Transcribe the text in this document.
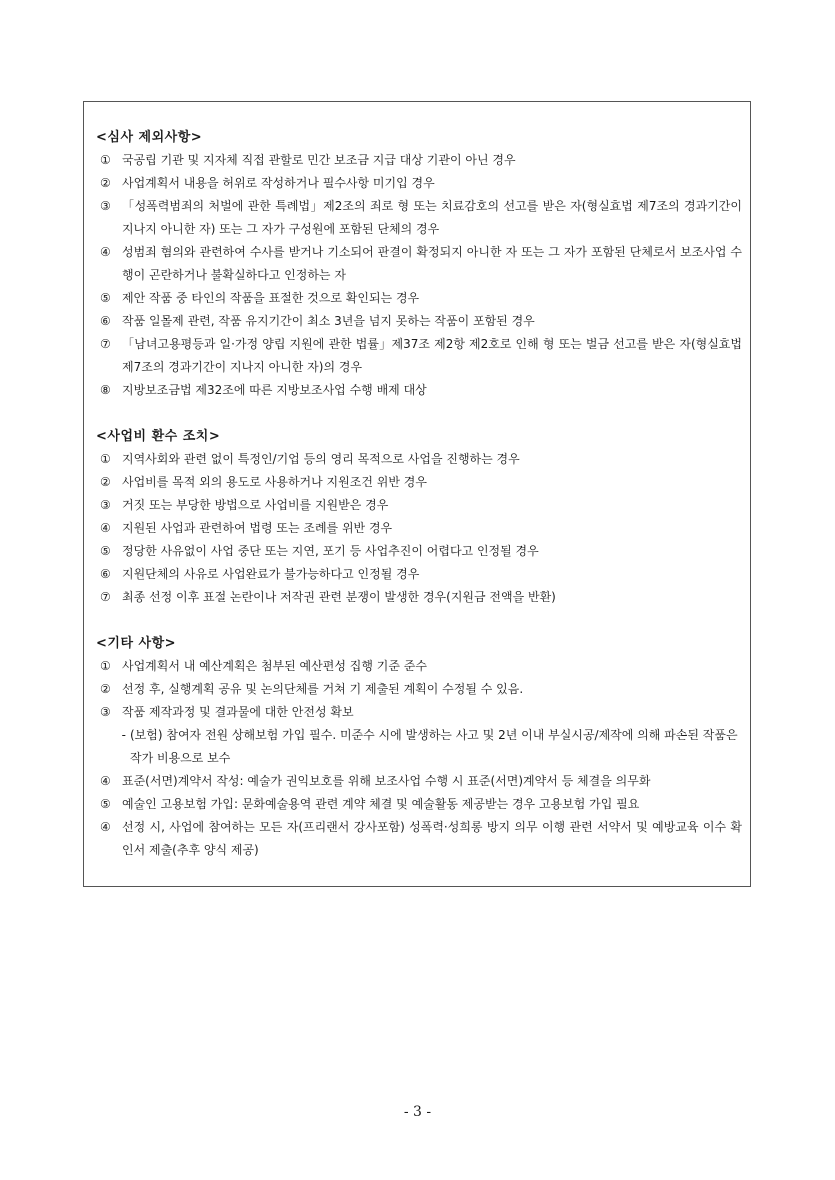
<심사 제외사항>
① 국공립 기관 및 지자체 직접 관할로 민간 보조금 지급 대상 기관이 아닌 경우
② 사업계획서 내용을 허위로 작성하거나 필수사항 미기입 경우
③ 「성폭력범죄의 처벌에 관한 특례법」제2조의 죄로 형 또는 치료감호의 선고를 받은 자(형실효법 제7조의 경과기간이 지나지 아니한 자) 또는 그 자가 구성원에 포함된 단체의 경우
④ 성범죄 혐의와 관련하여 수사를 받거나 기소되어 판결이 확정되지 아니한 자 또는 그 자가 포함된 단체로서 보조사업 수행이 곤란하거나 불확실하다고 인정하는 자
⑤ 제안 작품 중 타인의 작품을 표절한 것으로 확인되는 경우
⑥ 작품 일몰제 관련, 작품 유지기간이 최소 3년을 넘지 못하는 작품이 포함된 경우
⑦ 「남녀고용평등과 일·가정 양립 지원에 관한 법률」제37조 제2항 제2호로 인해 형 또는 벌금 선고를 받은 자(형실효법 제7조의 경과기간이 지나지 아니한 자)의 경우
⑧ 지방보조금법 제32조에 따른 지방보조사업 수행 배제 대상
<사업비 환수 조치>
① 지역사회와 관련 없이 특정인/기업 등의 영리 목적으로 사업을 진행하는 경우
② 사업비를 목적 외의 용도로 사용하거나 지원조건 위반 경우
③ 거짓 또는 부당한 방법으로 사업비를 지원받은 경우
④ 지원된 사업과 관련하여 법령 또는 조례를 위반 경우
⑤ 정당한 사유없이 사업 중단 또는 지연, 포기 등 사업추진이 어렵다고 인정될 경우
⑥ 지원단체의 사유로 사업완료가 불가능하다고 인정될 경우
⑦ 최종 선정 이후 표절 논란이나 저작권 관련 분쟁이 발생한 경우(지원금 전액을 반환)
<기타 사항>
① 사업계획서 내 예산계획은 첨부된 예산편성 집행 기준 준수
② 선정 후, 실행계획 공유 및 논의단체를 거쳐 기 제출된 계획이 수정될 수 있음.
③ 작품 제작과정 및 결과물에 대한 안전성 확보
- (보험) 참여자 전원 상해보험 가입 필수. 미준수 시에 발생하는 사고 및 2년 이내 부실시공/제작에 의해 파손된 작품은 작가 비용으로 보수
④ 표준(서면)계약서 작성: 예술가 권익보호를 위해 보조사업 수행 시 표준(서면)계약서 등 체결을 의무화
⑤ 예술인 고용보험 가입: 문화예술용역 관련 계약 체결 및 예술활동 제공받는 경우 고용보험 가입 필요
④ 선정 시, 사업에 참여하는 모든 자(프리랜서 강사포함) 성폭력·성희롱 방지 의무 이행 관련 서약서 및 예방교육 이수 확인서 제출(추후 양식 제공)
- 3 -
